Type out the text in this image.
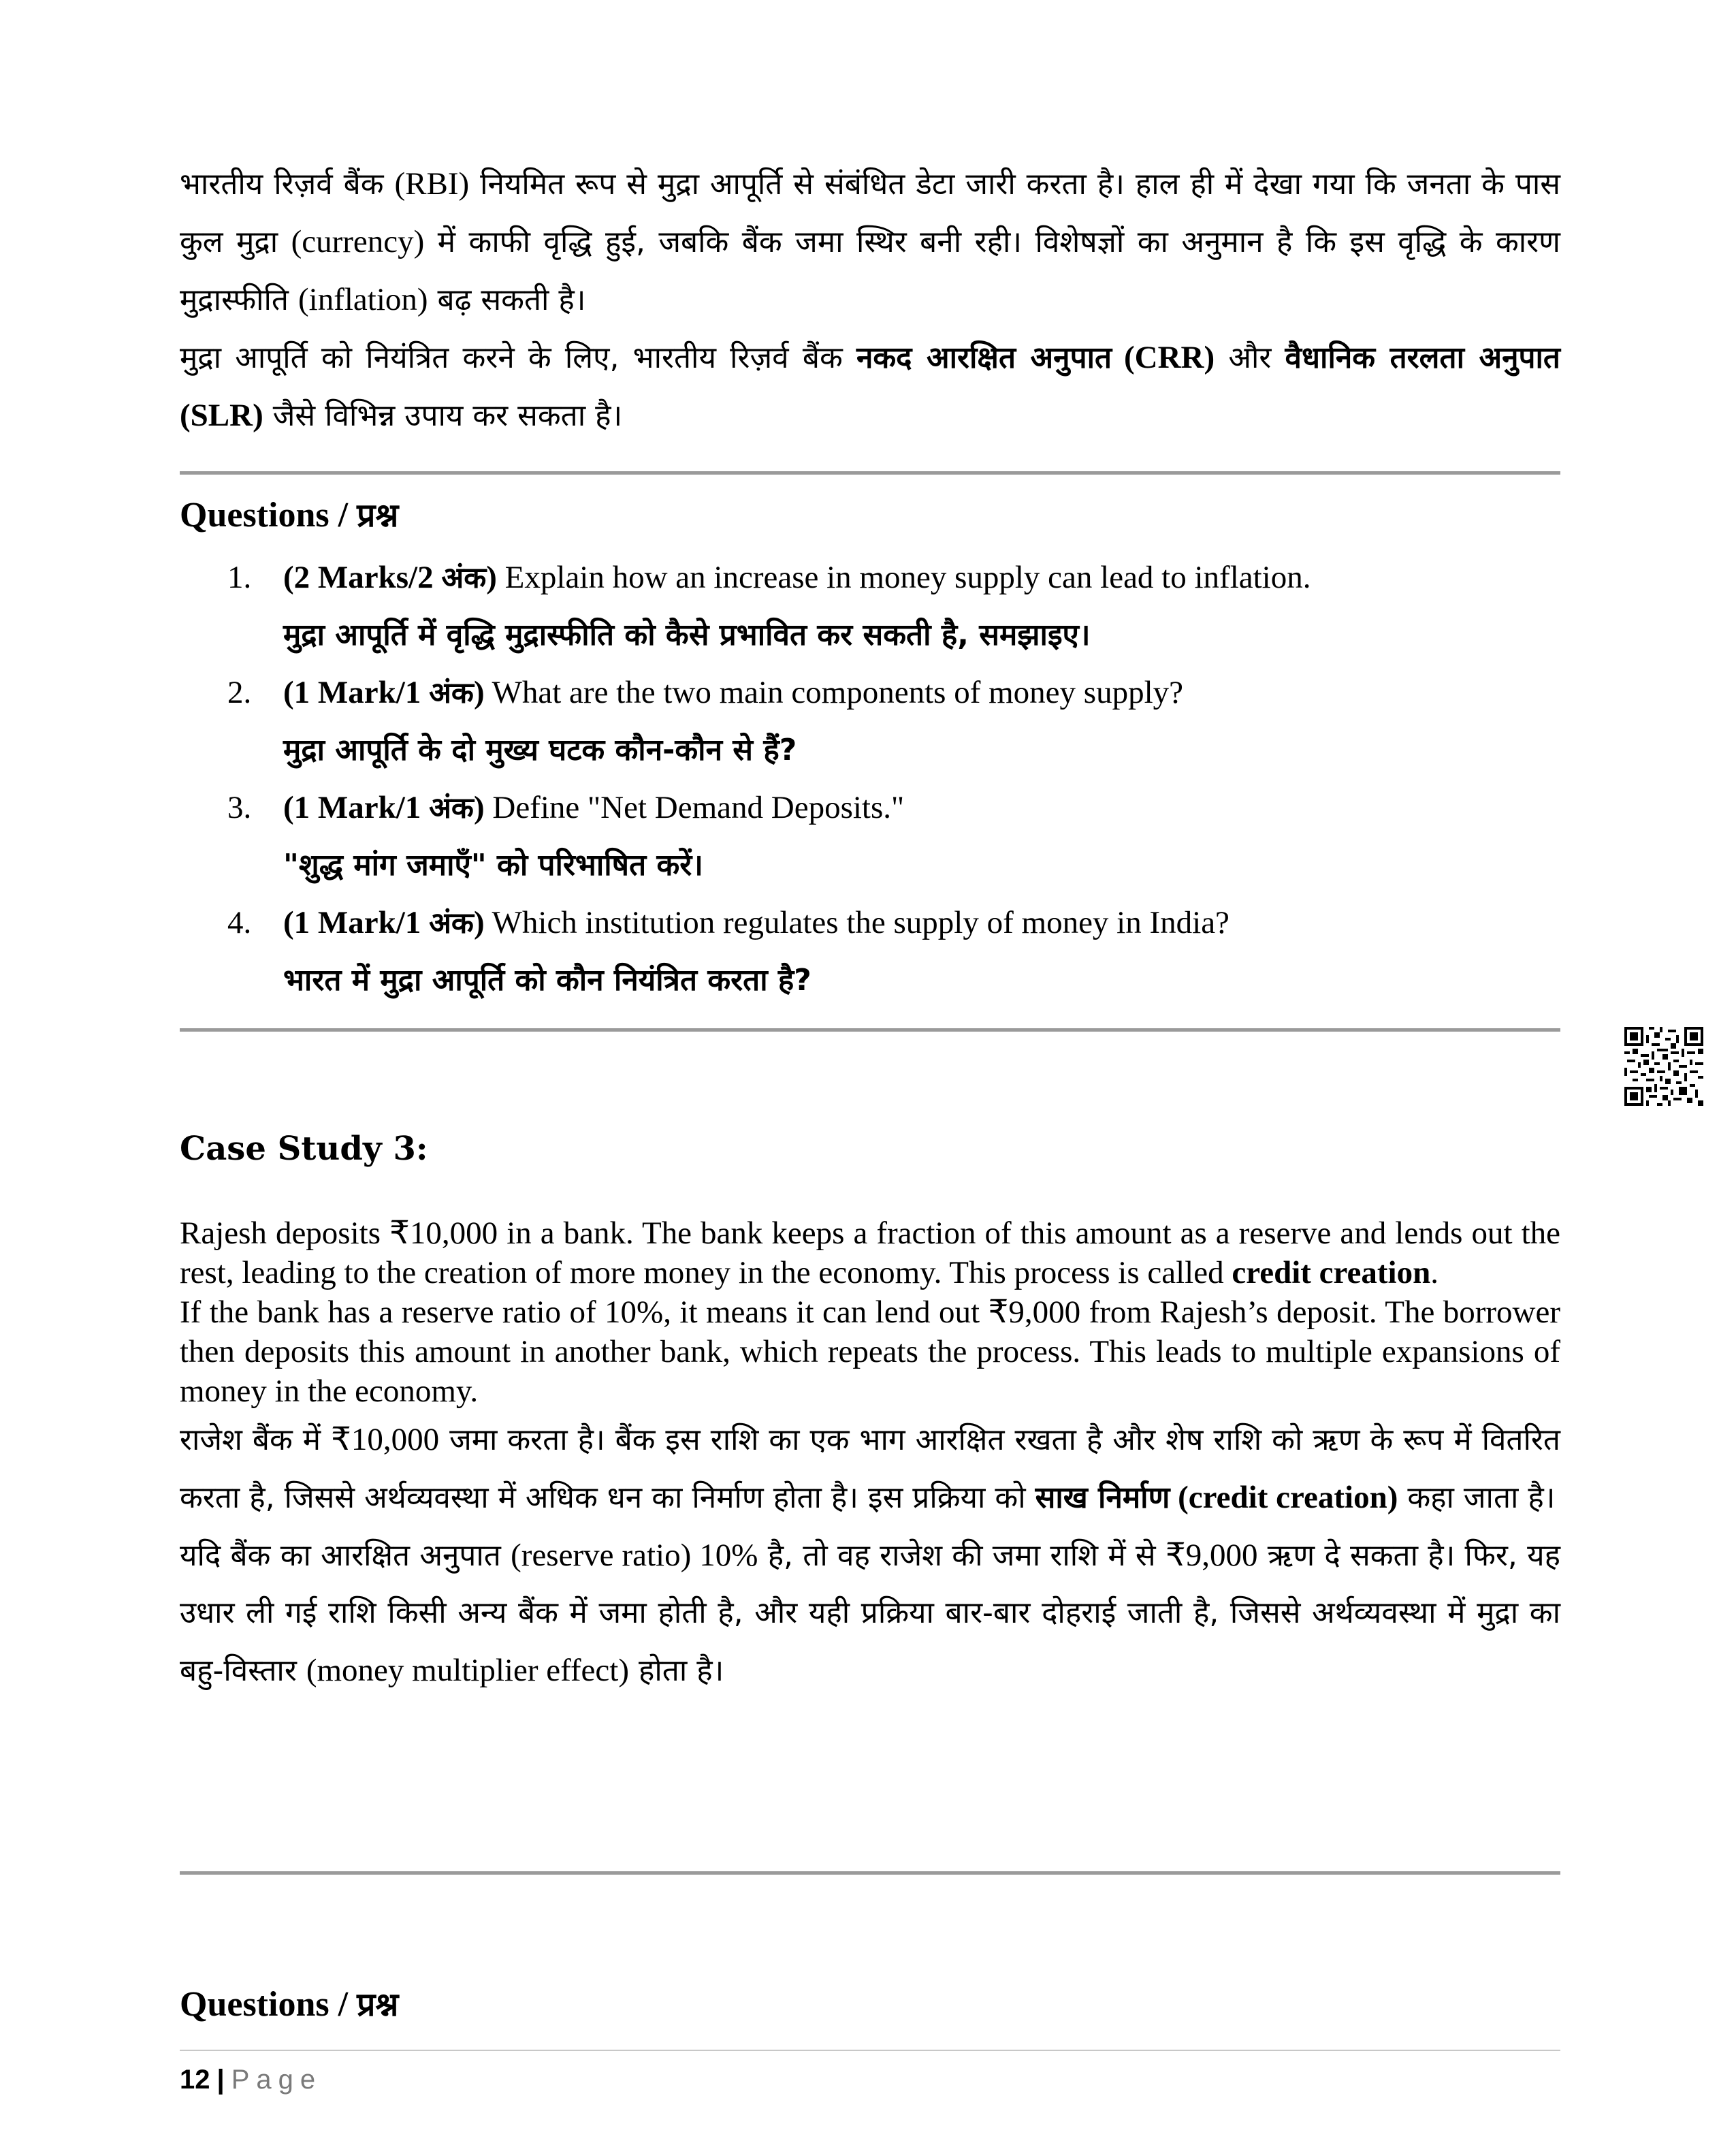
भारतीय रिज़र्व बैंक (RBI) नियमित रूप से मुद्रा आपूर्ति से संबंधित डेटा जारी करता है। हाल ही में देखा गया कि जनता के पास कुल मुद्रा (currency) में काफी वृद्धि हुई, जबकि बैंक जमा स्थिर बनी रही। विशेषज्ञों का अनुमान है कि इस वृद्धि के कारण मुद्रास्फीति (inflation) बढ़ सकती है।

मुद्रा आपूर्ति को नियंत्रित करने के लिए, भारतीय रिज़र्व बैंक नकद आरक्षित अनुपात (CRR) और वैधानिक तरलता अनुपात (SLR) जैसे विभिन्न उपाय कर सकता है।

Questions / प्रश्न
1. (2 Marks/2 अंक) Explain how an increase in money supply can lead to inflation.

मुद्रा आपूर्ति में वृद्धि मुद्रास्फीति को कैसे प्रभावित कर सकती है, समझाइए।

2. (1 Mark/1 अंक) What are the two main components of money supply?

मुद्रा आपूर्ति के दो मुख्य घटक कौन-कौन से हैं?

3. (1 Mark/1 अंक) Define "Net Demand Deposits."

"शुद्ध मांग जमाएँ" को परिभाषित करें।

4. (1 Mark/1 अंक) Which institution regulates the supply of money in India?

भारत में मुद्रा आपूर्ति को कौन नियंत्रित करता है?

Case Study 3:

Rajesh deposits ₹10,000 in a bank. The bank keeps a fraction of this amount as a reserve and lends out the rest, leading to the creation of more money in the economy. This process is called credit creation.

If the bank has a reserve ratio of 10%, it means it can lend out ₹9,000 from Rajesh’s deposit. The borrower then deposits this amount in another bank, which repeats the process. This leads to multiple expansions of money in the economy.

राजेश बैंक में ₹10,000 जमा करता है। बैंक इस राशि का एक भाग आरक्षित रखता है और शेष राशि को ऋण के रूप में वितरित करता है, जिससे अर्थव्यवस्था में अधिक धन का निर्माण होता है। इस प्रक्रिया को साख निर्माण (credit creation) कहा जाता है।

यदि बैंक का आरक्षित अनुपात (reserve ratio) 10% है, तो वह राजेश की जमा राशि में से ₹9,000 ऋण दे सकता है। फिर, यह उधार ली गई राशि किसी अन्य बैंक में जमा होती है, और यही प्रक्रिया बार-बार दोहराई जाती है, जिससे अर्थव्यवस्था में मुद्रा का बहु-विस्तार (money multiplier effect) होता है।

Questions / प्रश्न
12 | Page
